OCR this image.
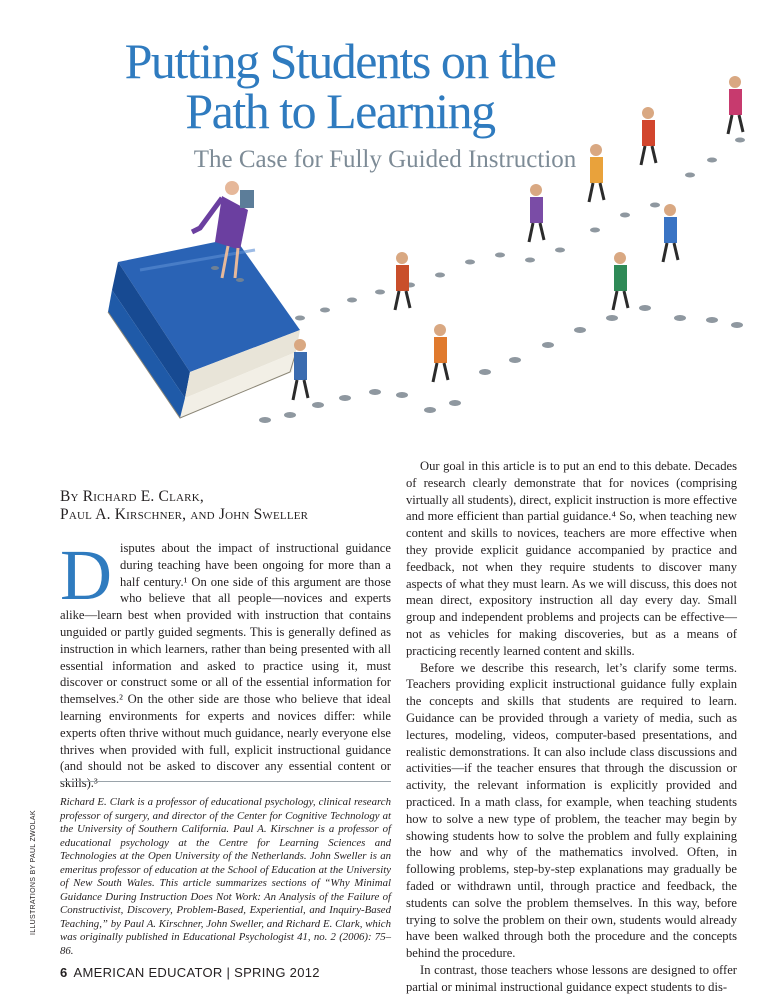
Putting Students on the
Path to Learning
The Case for Fully Guided Instruction
By Richard E. Clark,
Paul A. Kirschner, and John Sweller
D isputes about the impact of instructional guidance during teaching have been ongoing for more than a half century.¹ On one side of this argument are those who believe that all people—novices and experts alike—learn best when provided with instruction that contains unguided or partly guided segments. This is generally defined as instruction in which learners, rather than being presented with all essential information and asked to practice using it, must discover or construct some or all of the essential information for themselves.² On the other side are those who believe that ideal learning environments for experts and novices differ: while experts often thrive without much guidance, nearly everyone else thrives when provided with full, explicit instructional guidance (and should not be asked to discover any essential content or skills).³

Richard E. Clark is a professor of educational psychology, clinical research professor of surgery, and director of the Center for Cognitive Technology at the University of Southern California. Paul A. Kirschner is a professor of educational psychology at the Centre for Learning Sciences and Technologies at the Open University of the Netherlands. John Sweller is an emeritus professor of education at the School of Education at the University of New South Wales. This article summarizes sections of “Why Minimal Guidance During Instruction Does Not Work: An Analysis of the Failure of Constructivist, Discovery, Problem-Based, Experiential, and Inquiry-Based Teaching,” by Paul A. Kirschner, John Sweller, and Richard E. Clark, which was originally published in Educational Psychologist 41, no. 2 (2006): 75–86.

Our goal in this article is to put an end to this debate. Decades of research clearly demonstrate that for novices (comprising virtually all students), direct, explicit instruction is more effective and more efficient than partial guidance.⁴ So, when teaching new content and skills to novices, teachers are more effective when they provide explicit guidance accompanied by practice and feedback, not when they require students to discover many aspects of what they must learn. As we will discuss, this does not mean direct, expository instruction all day every day. Small group and independent problems and projects can be effective—not as vehicles for making discoveries, but as a means of practicing recently learned content and skills.

Before we describe this research, let’s clarify some terms. Teachers providing explicit instructional guidance fully explain the concepts and skills that students are required to learn. Guidance can be provided through a variety of media, such as lectures, modeling, videos, computer-based presentations, and realistic demonstrations. It can also include class discussions and activities—if the teacher ensures that through the discussion or activity, the relevant information is explicitly provided and practiced. In a math class, for example, when teaching students how to solve a new type of problem, the teacher may begin by showing students how to solve the problem and fully explaining the how and why of the mathematics involved. Often, in following problems, step-by-step explanations may gradually be faded or withdrawn until, through practice and feedback, the students can solve the problem themselves. In this way, before trying to solve the problem on their own, students would already have been walked through both the procedure and the concepts behind the procedure.

In contrast, those teachers whose lessons are designed to offer partial or minimal instructional guidance expect students to dis-

ILLUSTRATIONS BY PAUL ZWOLAK
6 AMERICAN EDUCATOR | SPRING 2012
